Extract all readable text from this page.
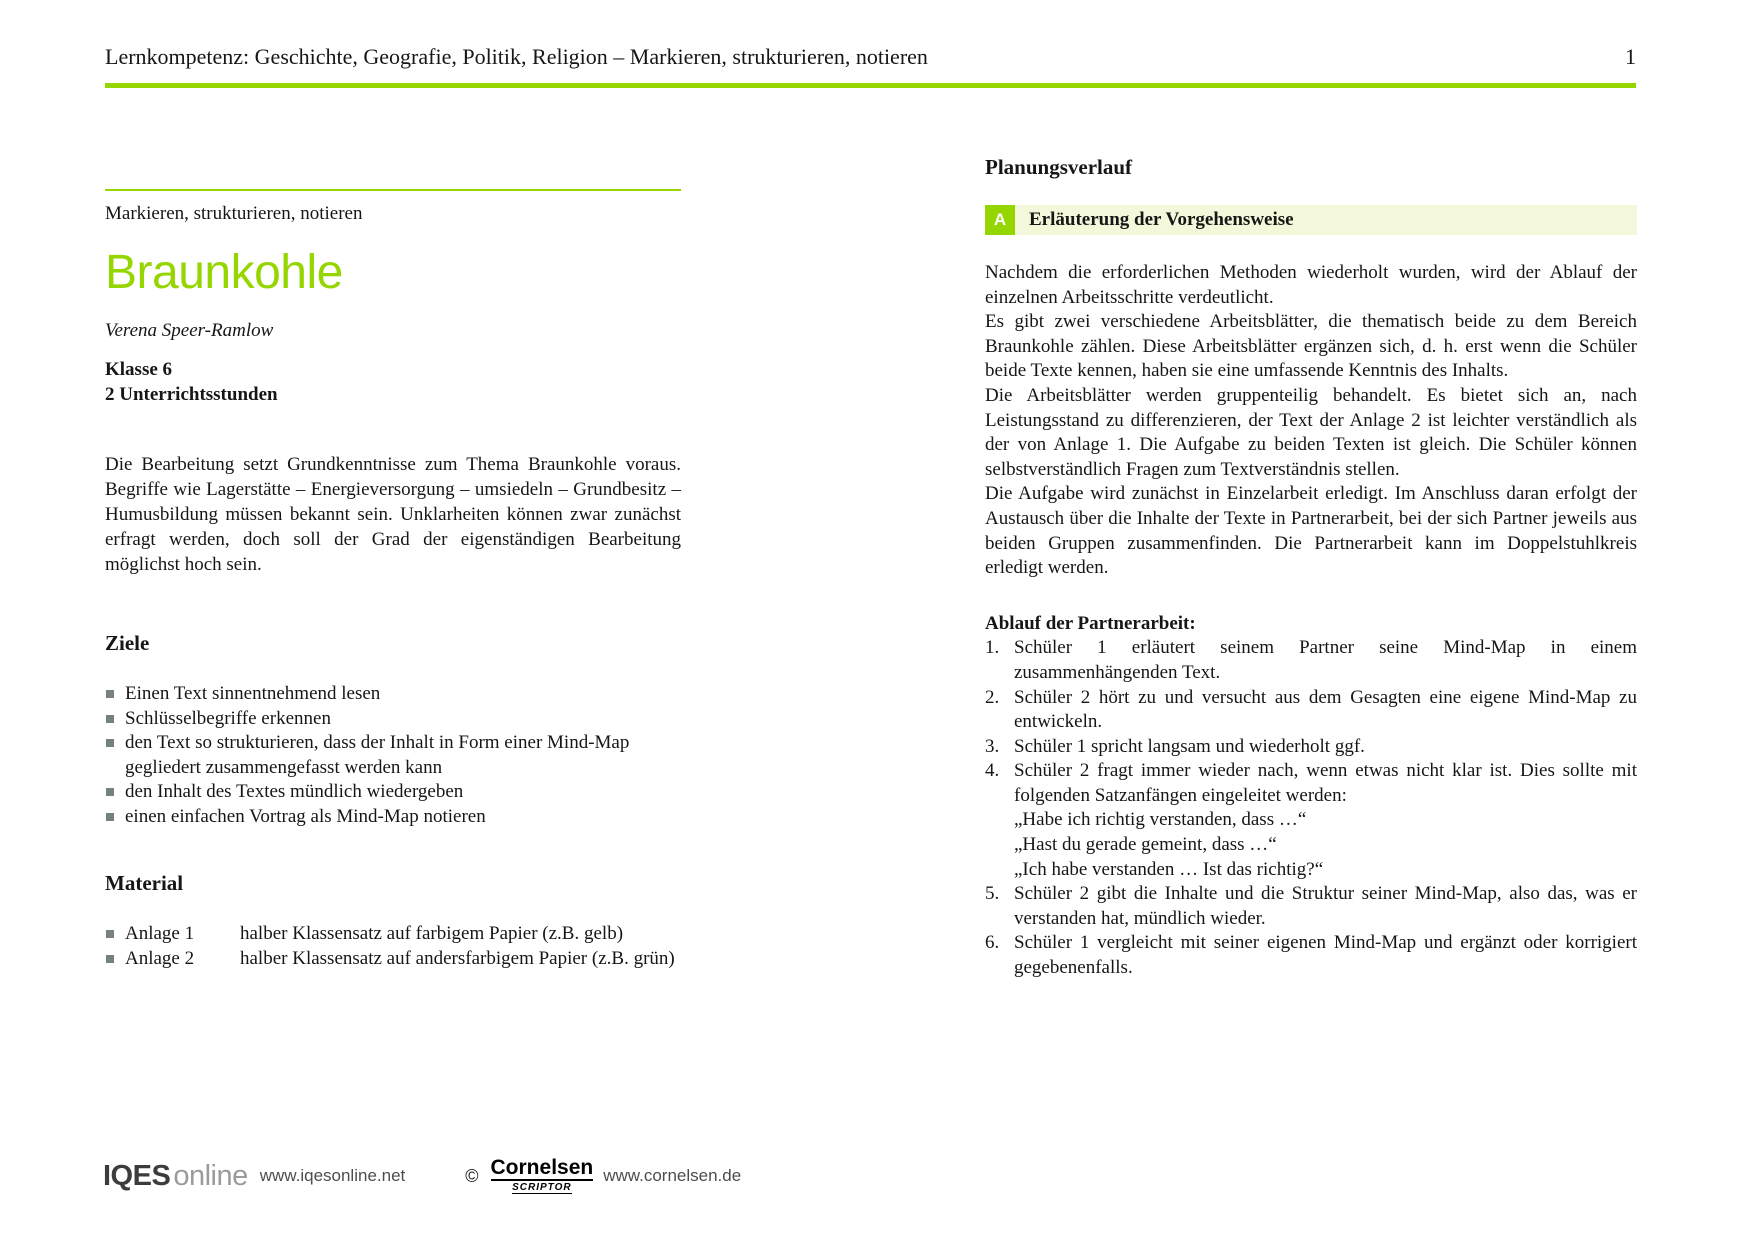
Lernkompetenz: Geschichte, Geografie, Politik, Religion – Markieren, strukturieren, notieren	1
Markieren, strukturieren, notieren
Braunkohle
Verena Speer-Ramlow
Klasse 6
2 Unterrichtsstunden

Die Bearbeitung setzt Grundkenntnisse zum Thema Braunkohle voraus. Begriffe wie Lagerstätte – Energieversorgung – umsiedeln – Grundbesitz – Humusbildung müssen bekannt sein. Unklarheiten können zwar zunächst erfragt werden, doch soll der Grad der eigenständigen Bearbeitung möglichst hoch sein.

Ziele
Einen Text sinnentnehmend lesen
Schlüsselbegriffe erkennen
den Text so strukturieren, dass der Inhalt in Form einer Mind-Map gegliedert zusammengefasst werden kann
den Inhalt des Textes mündlich wiedergeben
einen einfachen Vortrag als Mind-Map notieren
Material
Anlage 1	halber Klassensatz auf farbigem Papier (z.B. gelb)
Anlage 2	halber Klassensatz auf andersfarbigem Papier (z.B. grün)
Planungsverlauf
A	Erläuterung der Vorgehensweise

Nachdem die erforderlichen Methoden wiederholt wurden, wird der Ablauf der einzelnen Arbeitsschritte verdeutlicht.

Es gibt zwei verschiedene Arbeitsblätter, die thematisch beide zu dem Bereich Braunkohle zählen. Diese Arbeitsblätter ergänzen sich, d. h. erst wenn die Schüler beide Texte kennen, haben sie eine umfassende Kenntnis des Inhalts.

Die Arbeitsblätter werden gruppenteilig behandelt. Es bietet sich an, nach Leistungsstand zu differenzieren, der Text der Anlage 2 ist leichter verständlich als der von Anlage 1. Die Aufgabe zu beiden Texten ist gleich. Die Schüler können selbstverständlich Fragen zum Textverständnis stellen.

Die Aufgabe wird zunächst in Einzelarbeit erledigt. Im Anschluss daran erfolgt der Austausch über die Inhalte der Texte in Partnerarbeit, bei der sich Partner jeweils aus beiden Gruppen zusammenfinden. Die Partnerarbeit kann im Doppelstuhlkreis erledigt werden.

Ablauf der Partnerarbeit:
1. Schüler 1 erläutert seinem Partner seine Mind-Map in einem zusammenhängenden Text.
2. Schüler 2 hört zu und versucht aus dem Gesagten eine eigene Mind-Map zu entwickeln.
3. Schüler 1 spricht langsam und wiederholt ggf.
4. Schüler 2 fragt immer wieder nach, wenn etwas nicht klar ist. Dies sollte mit folgenden Satzanfängen eingeleitet werden:
„Habe ich richtig verstanden, dass …“
„Hast du gerade gemeint, dass …“
„Ich habe verstanden … Ist das richtig?“
5. Schüler 2 gibt die Inhalte und die Struktur seiner Mind-Map, also das, was er verstanden hat, mündlich wieder.
6. Schüler 1 vergleicht mit seiner eigenen Mind-Map und ergänzt oder korrigiert gegebenenfalls.
IQES online www.iqesonline.net	© Cornelsen
SCRIPTOR
www.cornelsen.de
